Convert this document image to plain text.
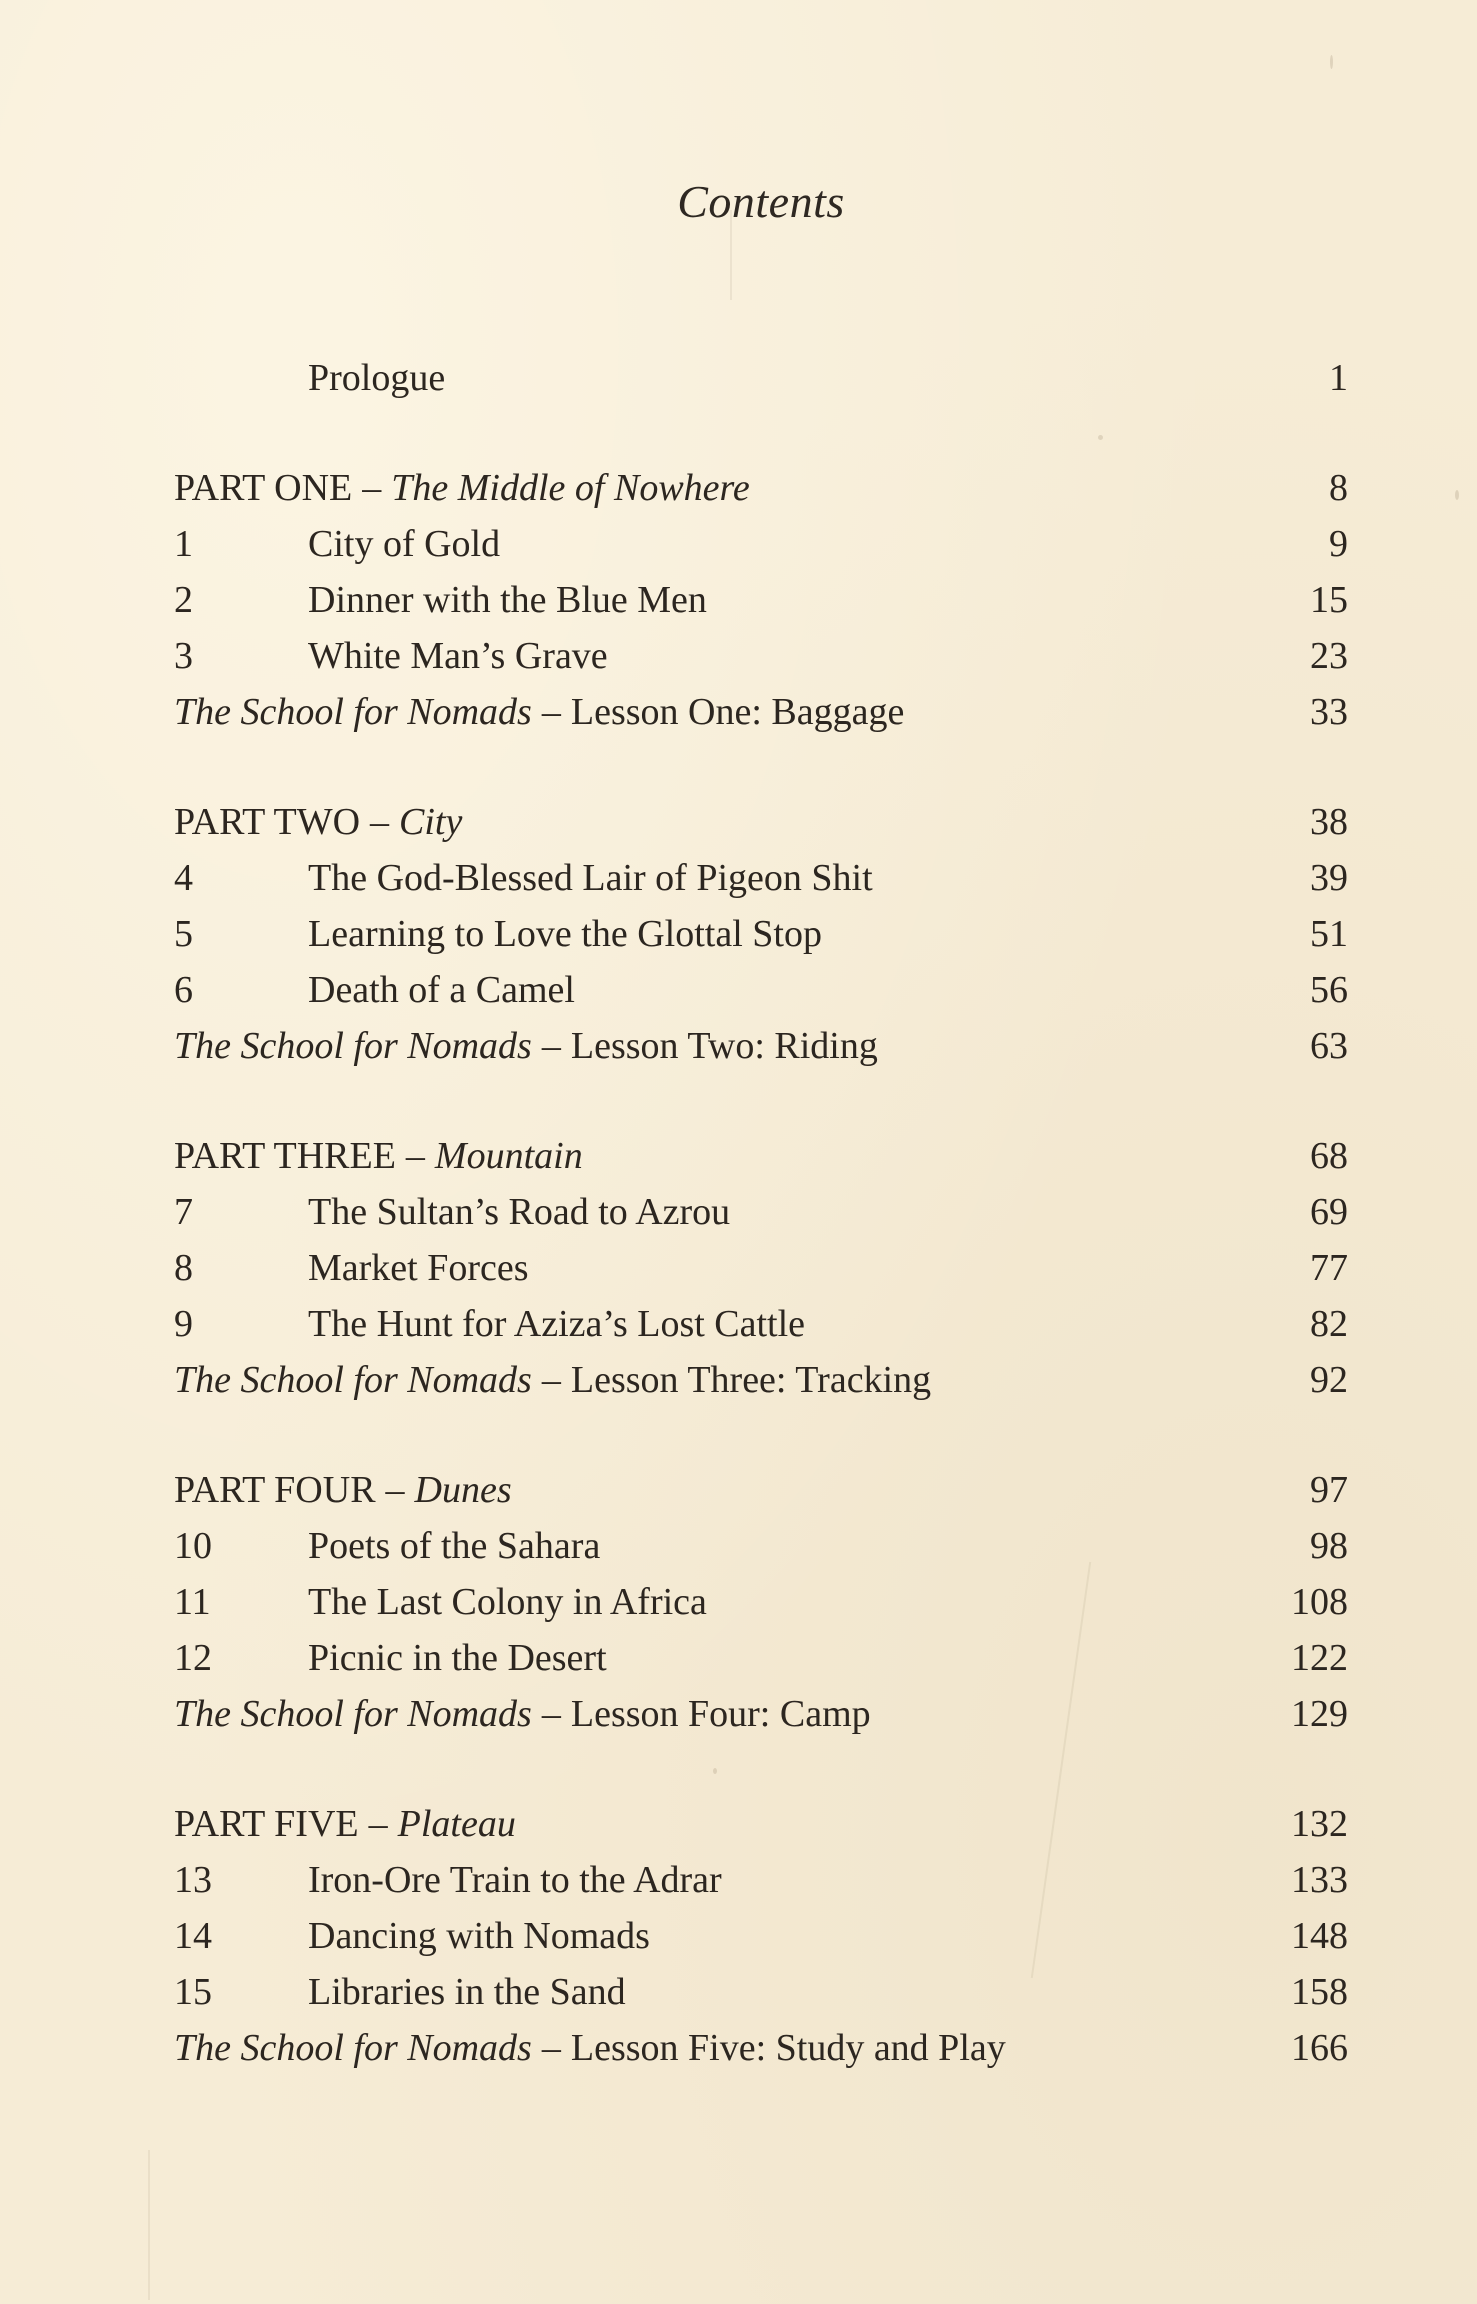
Contents
Prologue	1
PART ONE – The Middle of Nowhere	8
1	City of Gold	9
2	Dinner with the Blue Men	15
3	White Man’s Grave	23
The School for Nomads – Lesson One: Baggage	33
PART TWO – City	38
4	The God-Blessed Lair of Pigeon Shit	39
5	Learning to Love the Glottal Stop	51
6	Death of a Camel	56
The School for Nomads – Lesson Two: Riding	63
PART THREE – Mountain	68
7	The Sultan’s Road to Azrou	69
8	Market Forces	77
9	The Hunt for Aziza’s Lost Cattle	82
The School for Nomads – Lesson Three: Tracking	92
PART FOUR – Dunes	97
10	Poets of the Sahara	98
11	The Last Colony in Africa	108
12	Picnic in the Desert	122
The School for Nomads – Lesson Four: Camp	129
PART FIVE – Plateau	132
13	Iron-Ore Train to the Adrar	133
14	Dancing with Nomads	148
15	Libraries in the Sand	158
The School for Nomads – Lesson Five: Study and Play	166
